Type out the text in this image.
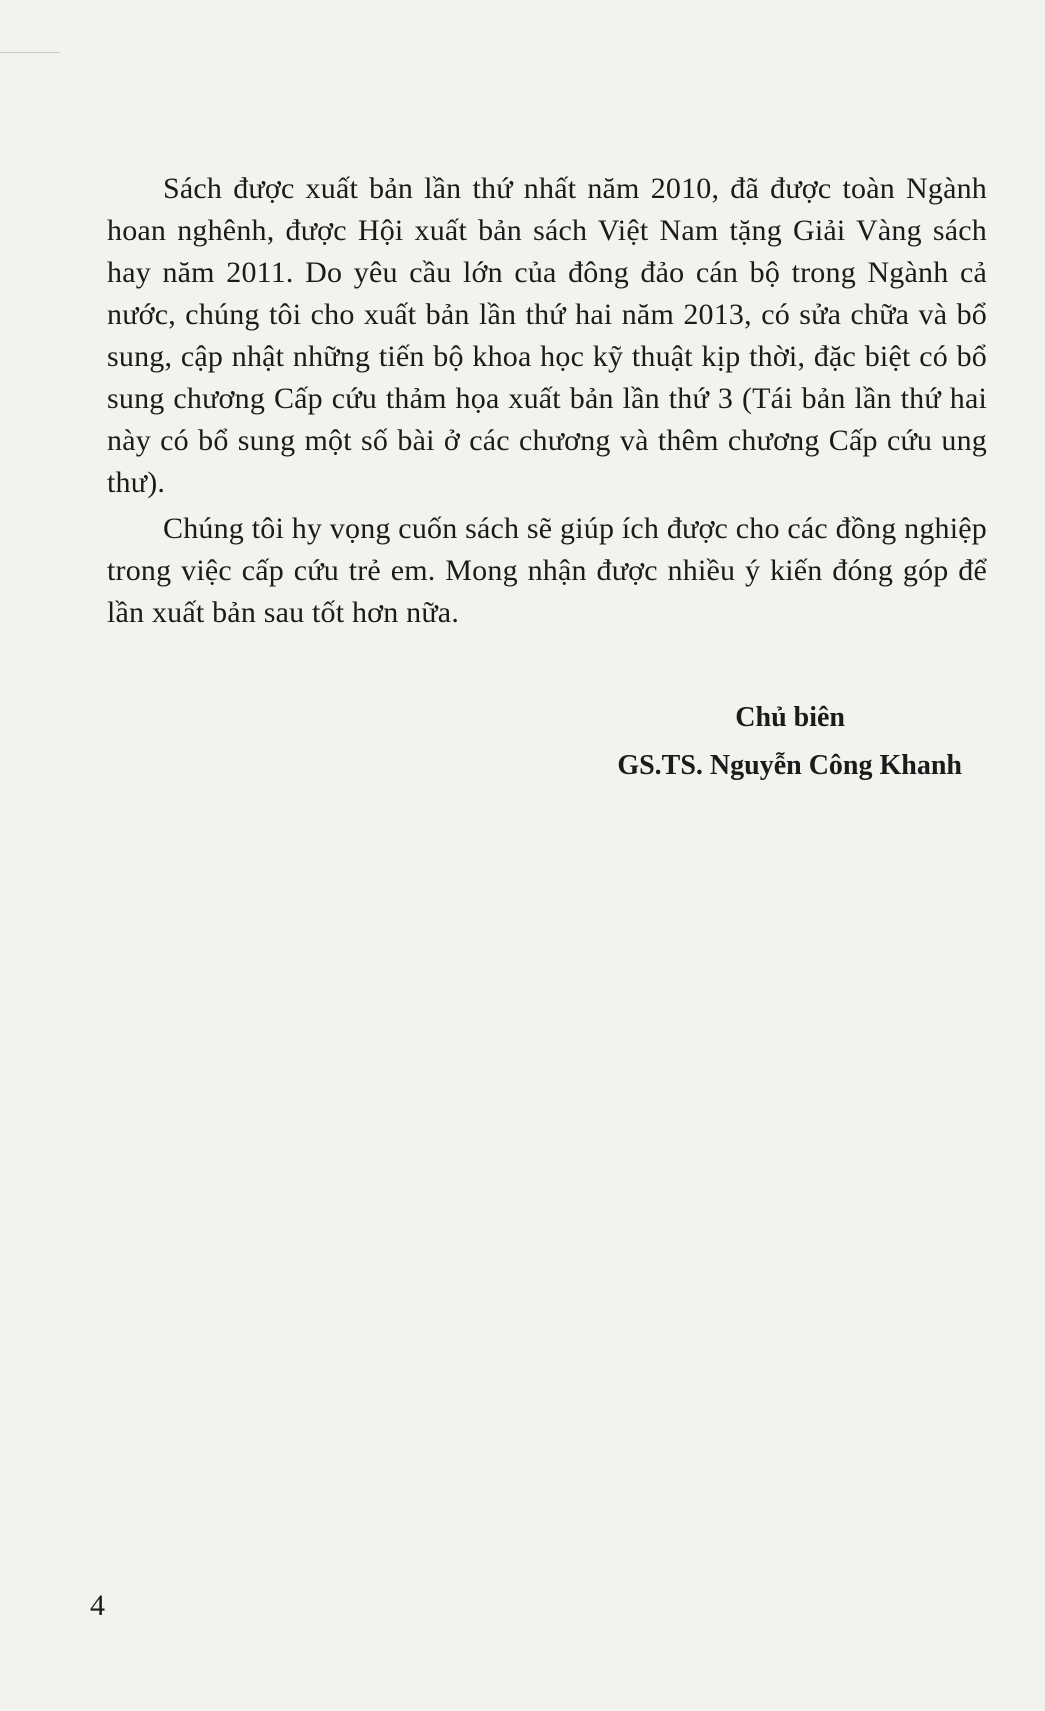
Sách được xuất bản lần thứ nhất năm 2010, đã được toàn Ngành hoan nghênh, được Hội xuất bản sách Việt Nam tặng Giải Vàng sách hay năm 2011. Do yêu cầu lớn của đông đảo cán bộ trong Ngành cả nước, chúng tôi cho xuất bản lần thứ hai năm 2013, có sửa chữa và bổ sung, cập nhật những tiến bộ khoa học kỹ thuật kịp thời, đặc biệt có bổ sung chương Cấp cứu thảm họa xuất bản lần thứ 3 (Tái bản lần thứ hai này có bổ sung một số bài ở các chương và thêm chương Cấp cứu ung thư).

Chúng tôi hy vọng cuốn sách sẽ giúp ích được cho các đồng nghiệp trong việc cấp cứu trẻ em. Mong nhận được nhiều ý kiến đóng góp để lần xuất bản sau tốt hơn nữa.

Chủ biên
GS.TS. Nguyễn Công Khanh
4
